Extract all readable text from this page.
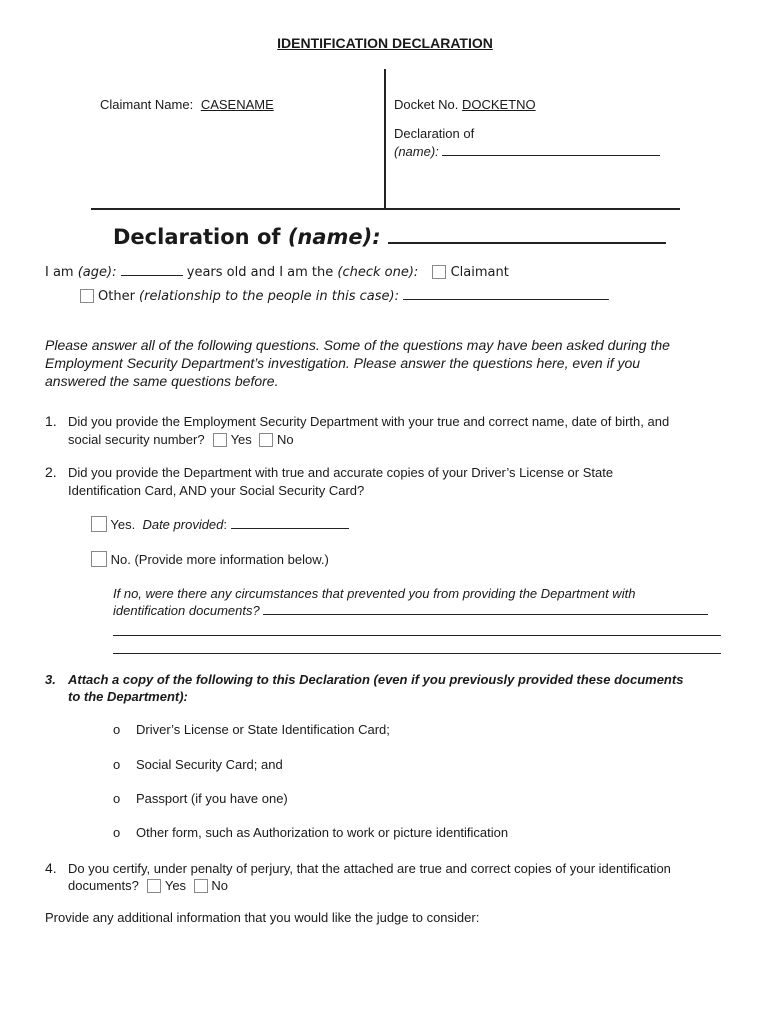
IDENTIFICATION DECLARATION
Claimant Name: CASENAME	Docket No. DOCKETNO
Declaration of
(name):
Declaration of (name):
I am (age):	years old and I am the (check one): Claimant
Other (relationship to the people in this case):
Please answer all of the following questions. Some of the questions may have been asked during the
Employment Security Department’s investigation. Please answer the questions here, even if you
answered the same questions before.
1. Did you provide the Employment Security Department with your true and correct name, date of birth, and
social security number? Yes No
2. Did you provide the Department with true and accurate copies of your Driver’s License or State
Identification Card, AND your Social Security Card?
Yes. Date provided:
No. (Provide more information below.)
If no, were there any circumstances that prevented you from providing the Department with
identification documents?
3. Attach a copy of the following to this Declaration (even if you previously provided these documents
to the Department):
o Driver’s License or State Identification Card;
o Social Security Card; and
o Passport (if you have one)
o Other form, such as Authorization to work or picture identification
4. Do you certify, under penalty of perjury, that the attached are true and correct copies of your identification
documents? Yes No
Provide any additional information that you would like the judge to consider:
